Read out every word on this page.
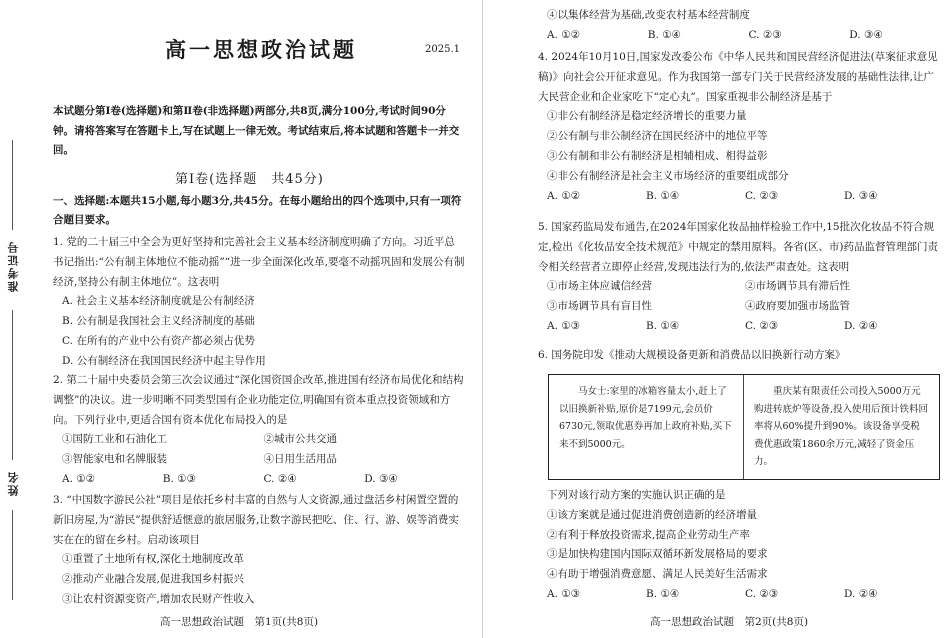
准考证号
姓名
高一思想政治试题	2025.1
本试题分第Ⅰ卷(选择题)和第Ⅱ卷(非选择题)两部分,共8页,满分100分,考试时间90分钟。请将答案写在答题卡上,写在试题上一律无效。考试结束后,将本试题和答题卡一并交回。
第Ⅰ卷(选择题　共45分)
一、选择题:本题共15小题,每小题3分,共45分。在每小题给出的四个选项中,只有一项符合题目要求。

1. 党的二十届三中全会为更好坚持和完善社会主义基本经济制度明确了方向。习近平总书记指出:“公有制主体地位不能动摇”“进一步全面深化改革,要毫不动摇巩固和发展公有制经济,坚持公有制主体地位”。这表明

A. 社会主义基本经济制度就是公有制经济

B. 公有制是我国社会主义经济制度的基础

C. 在所有的产业中公有资产都必须占优势

D. 公有制经济在我国国民经济中起主导作用

2. 第二十届中央委员会第三次会议通过“深化国资国企改革,推进国有经济布局优化和结构调整”的决议。进一步明晰不同类型国有企业功能定位,明确国有资本重点投资领域和方向。下列行业中,更适合国有资本优化布局投入的是

①国防工业和石油化工	②城市公共交通
③智能家电和名牌服装	④日用生活用品
A. ①②	B. ①③	C. ②④	D. ③④

3. “中国数字游民公社”项目是依托乡村丰富的自然与人文资源,通过盘活乡村闲置空置的新旧房屋,为“游民”提供舒适惬意的旅居服务,让数字游民把吃、住、行、游、娱等消费实实在在的留在乡村。启动该项目

①重置了土地所有权,深化土地制度改革

②推动产业融合发展,促进我国乡村振兴

③让农村资源变资产,增加农民财产性收入

高一思想政治试题　第1页(共8页)

④以集体经营为基础,改变农村基本经营制度

A. ①②	B. ①④	C. ②③	D. ③④

4. 2024年10月10日,国家发改委公布《中华人民共和国民营经济促进法(草案征求意见稿)》向社会公开征求意见。作为我国第一部专门关于民营经济发展的基础性法律,让广大民营企业和企业家吃下“定心丸”。国家重视非公制经济是基于

①非公有制经济是稳定经济增长的重要力量

②公有制与非公制经济在国民经济中的地位平等

③公有制和非公有制经济是相辅相成、相得益彰

④非公有制经济是社会主义市场经济的重要组成部分

A. ①②	B. ①④	C. ②③	D. ③④

5. 国家药监局发布通告,在2024年国家化妆品抽样检验工作中,15批次化妆品不符合规定,检出《化妆品安全技术规范》中规定的禁用原料。各省(区、市)药品监督管理部门责令相关经营者立即停止经营,发现违法行为的,依法严肃查处。这表明

①市场主体应诚信经营	②市场调节具有滞后性
③市场调节具有盲目性	④政府要加强市场监管
A. ①③	B. ①④	C. ②③	D. ②④

6. 国务院印发《推动大规模设备更新和消费品以旧换新行动方案》

下列对该行动方案的实施认识正确的是

①该方案就是通过促进消费创造新的经济增量

②有利于释放投资需求,提高企业劳动生产率

③是加快构建国内国际双循环新发展格局的要求

④有助于增强消费意愿、满足人民美好生活需求

A. ①③	B. ①④	C. ②③	D. ②④
高一思想政治试题　第2页(共8页)
马女士:家里的冰箱容量太小,赶上了以旧换新补贴,原价是7199元,会员价6730元,领取优惠券再加上政府补贴,买下来不到5000元。
重庆某有限责任公司投入5000万元购进转底炉等设备,投入使用后预计铁料回率将从60%提升到90%。该设备享受税费优惠政策1860余万元,减轻了资金压力。
